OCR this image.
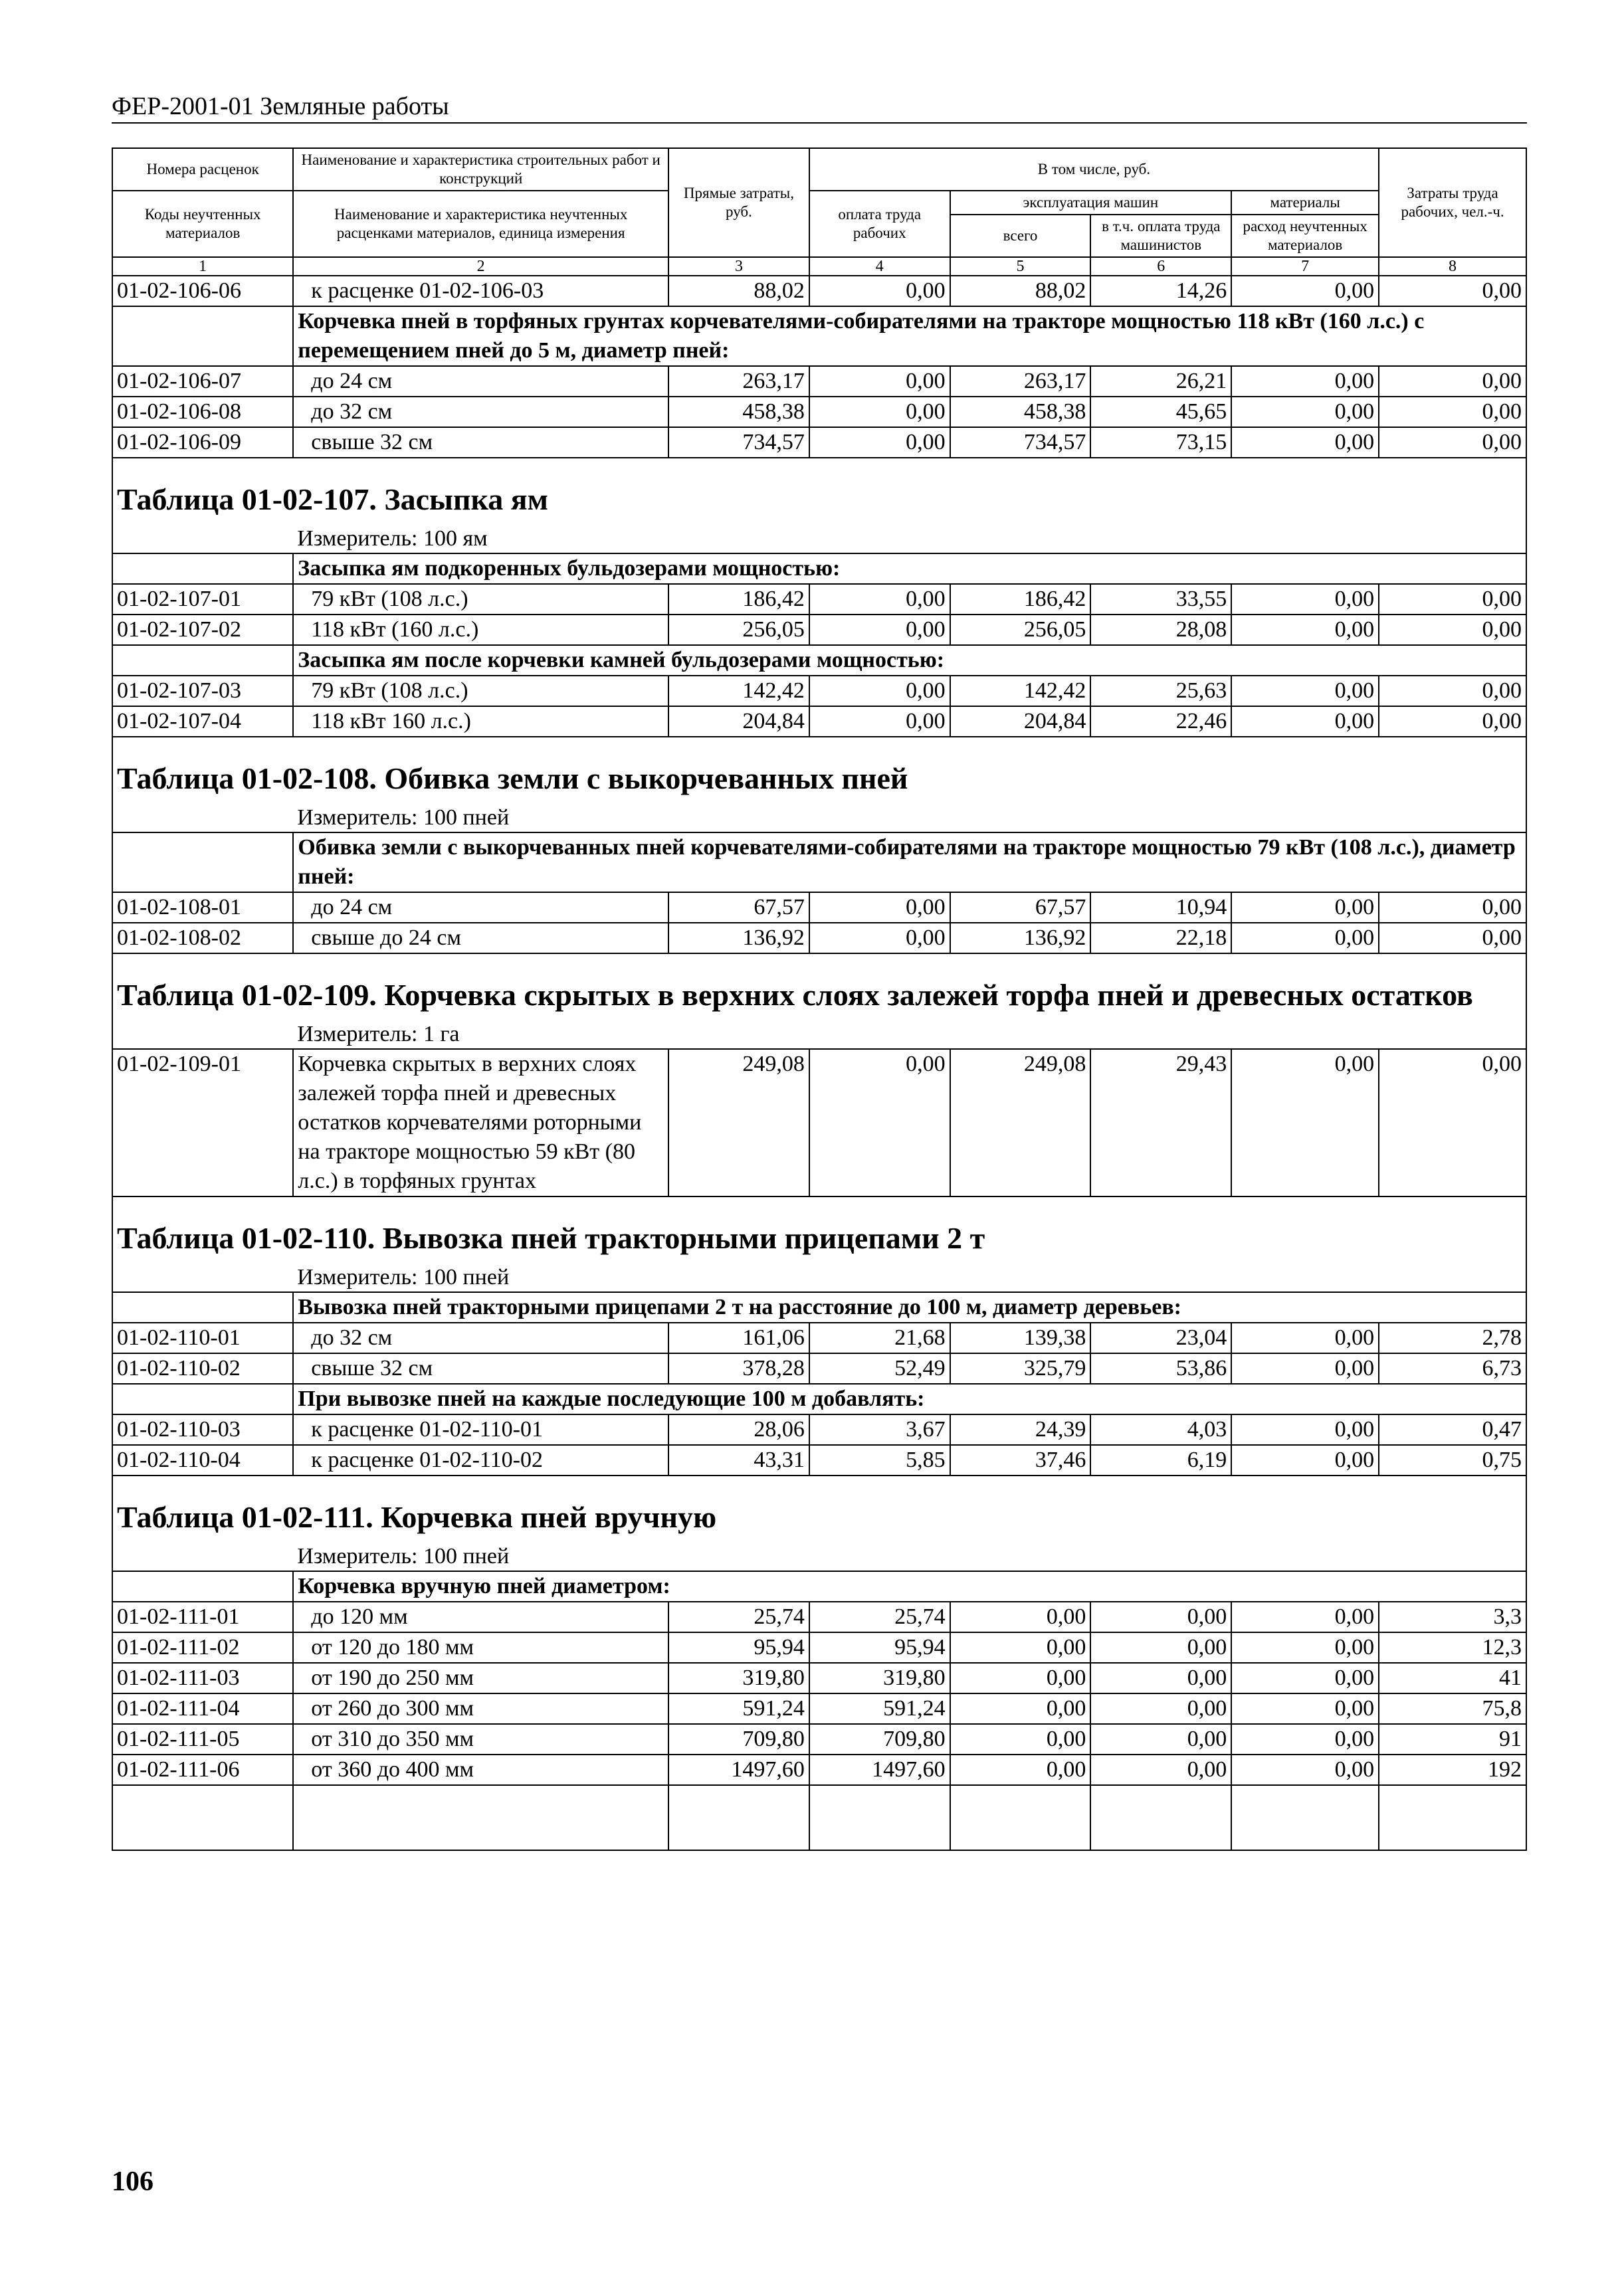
ФЕР-2001-01 Земляные работы
Номера расценок	Наименование и характеристика строительных работ и конструкций	Прямые затраты, руб.	В том числе, руб.				Затраты труда рабочих, чел.-ч.
Коды неучтенных материалов	Наименование и характеристика неучтенных расценками материалов, единица измерения		оплата труда рабочих	эксплуатация машин		материалы	
				всего	в т.ч. оплата труда машинистов	расход неучтенных материалов	
1	2	3	4	5	6	7	8
01-02-106-06	к расценке 01-02-106-03	88,02	0,00	88,02	14,26	0,00	0,00
	Корчевка пней в торфяных грунтах корчевателями-собирателями на тракторе мощностью 118 кВт (160 л.с.) с перемещением пней до 5 м, диаметр пней:						
01-02-106-07	до 24 см	263,17	0,00	263,17	26,21	0,00	0,00
01-02-106-08	до 32 см	458,38	0,00	458,38	45,65	0,00	0,00
01-02-106-09	свыше 32 см	734,57	0,00	734,57	73,15	0,00	0,00
Таблица 01-02-107. Засыпка ям							
	Измеритель: 100 ям						
	Засыпка ям подкоренных бульдозерами мощностью:						
01-02-107-01	79 кВт (108 л.с.)	186,42	0,00	186,42	33,55	0,00	0,00
01-02-107-02	118 кВт (160 л.с.)	256,05	0,00	256,05	28,08	0,00	0,00
	Засыпка ям после корчевки камней бульдозерами мощностью:						
01-02-107-03	79 кВт (108 л.с.)	142,42	0,00	142,42	25,63	0,00	0,00
01-02-107-04	118 кВт 160 л.с.)	204,84	0,00	204,84	22,46	0,00	0,00
Таблица 01-02-108. Обивка земли с выкорчеванных пней							
	Измеритель: 100 пней						
	Обивка земли с выкорчеванных пней корчевателями-собирателями на тракторе мощностью 79 кВт (108 л.с.), диаметр пней:						
01-02-108-01	до 24 см	67,57	0,00	67,57	10,94	0,00	0,00
01-02-108-02	свыше до 24 см	136,92	0,00	136,92	22,18	0,00	0,00
Таблица 01-02-109. Корчевка скрытых в верхних слоях залежей торфа пней и древесных остатков							
	Измеритель: 1 га						
01-02-109-01	Корчевка скрытых в верхних слоях залежей торфа пней и древесных остатков корчевателями роторными на тракторе мощностью 59 кВт (80 л.с.) в торфяных грунтах	249,08	0,00	249,08	29,43	0,00	0,00
Таблица 01-02-110. Вывозка пней тракторными прицепами 2 т							
	Измеритель: 100 пней						
	Вывозка пней тракторными прицепами 2 т на расстояние до 100 м, диаметр деревьев:						
01-02-110-01	до 32 см	161,06	21,68	139,38	23,04	0,00	2,78
01-02-110-02	свыше 32 см	378,28	52,49	325,79	53,86	0,00	6,73
	При вывозке пней на каждые последующие 100 м добавлять:						
01-02-110-03	к расценке 01-02-110-01	28,06	3,67	24,39	4,03	0,00	0,47
01-02-110-04	к расценке 01-02-110-02	43,31	5,85	37,46	6,19	0,00	0,75
Таблица 01-02-111. Корчевка пней вручную							
	Измеритель: 100 пней						
	Корчевка вручную пней диаметром:						
01-02-111-01	до 120 мм	25,74	25,74	0,00	0,00	0,00	3,3
01-02-111-02	от 120 до 180 мм	95,94	95,94	0,00	0,00	0,00	12,3
01-02-111-03	от 190 до 250 мм	319,80	319,80	0,00	0,00	0,00	41
01-02-111-04	от 260 до 300 мм	591,24	591,24	0,00	0,00	0,00	75,8
01-02-111-05	от 310 до 350 мм	709,80	709,80	0,00	0,00	0,00	91
01-02-111-06	от 360 до 400 мм	1497,60	1497,60	0,00	0,00	0,00	192

106
